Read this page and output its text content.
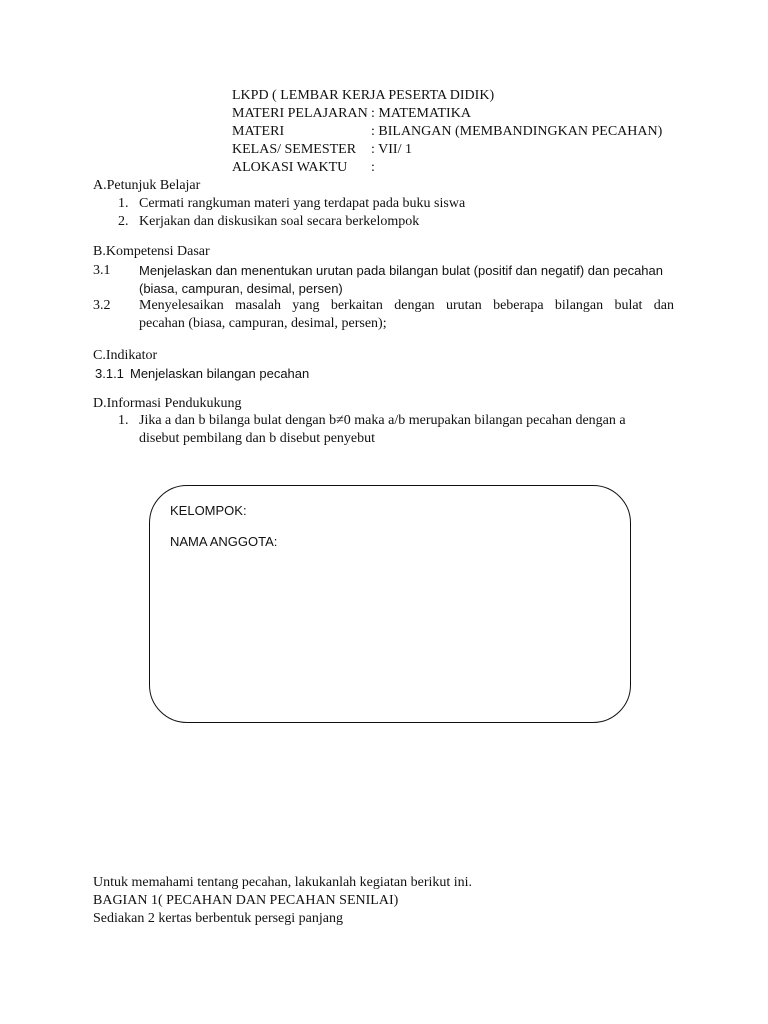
LKPD ( LEMBAR KERJA PESERTA DIDIK)
MATERI PELAJARAN : MATEMATIKA
MATERI	: BILANGAN (MEMBANDINGKAN PECAHAN)
KELAS/ SEMESTER : VII/ 1
ALOKASI WAKTU :
A.Petunjuk Belajar
1. Cermati rangkuman materi yang terdapat pada buku siswa
2. Kerjakan dan diskusikan soal secara berkelompok
B.Kompetensi Dasar
3.1 Menjelaskan dan menentukan urutan pada bilangan bulat (positif dan negatif) dan pecahan
(biasa, campuran, desimal, persen)
3.2 Menyelesaikan masalah yang berkaitan dengan urutan beberapa bilangan bulat dan
pecahan (biasa, campuran, desimal, persen);
C.Indikator
3.1.1 Menjelaskan bilangan pecahan
D.Informasi Pendukukung
1. Jika a dan b bilanga bulat dengan b≠0 maka a/b merupakan bilangan pecahan dengan a
disebut pembilang dan b disebut penyebut
KELOMPOK:
NAMA ANGGOTA:
Untuk memahami tentang pecahan, lakukanlah kegiatan berikut ini.
BAGIAN 1( PECAHAN DAN PECAHAN SENILAI)
Sediakan 2 kertas berbentuk persegi panjang
